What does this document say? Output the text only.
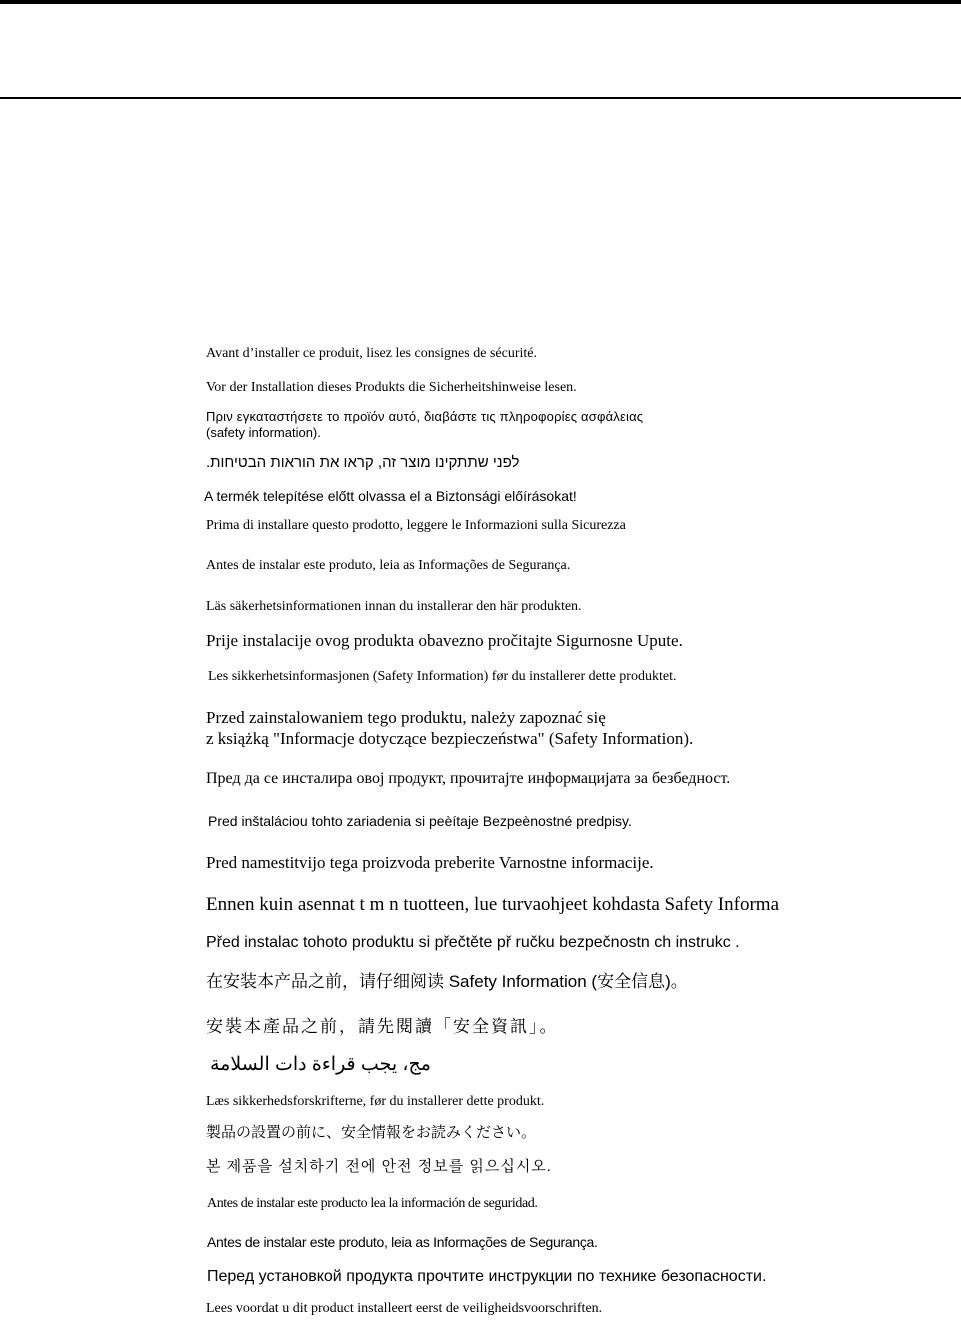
Avant d’installer ce produit, lisez les consignes de sécurité.
Vor der Installation dieses Produkts die Sicherheitshinweise lesen.
Πριν εγκαταστήσετε το προϊόν αυτό, διαβάστε τις πληροφορίες ασφάλειας
(safety information).
.לפני שתתקינו מוצר זה, קראו את הוראות הבטיחות
A termék telepítése előtt olvassa el a Biztonsági előírásokat!
Prima di installare questo prodotto, leggere le Informazioni sulla Sicurezza
Antes de instalar este produto, leia as Informações de Segurança.
Läs säkerhetsinformationen innan du installerar den här produkten.
Prije instalacije ovog produkta obavezno pročitajte Sigurnosne Upute.
Les sikkerhetsinformasjonen (Safety Information) før du installerer dette produktet.
Przed zainstalowaniem tego produktu, należy zapoznać się
z książką "Informacje dotyczące bezpieczeństwa" (Safety Information).
Пред да се инсталира овој продукт, прочитајте информацијата за безбедност.
Pred inštaláciou tohto zariadenia si peèítaje Bezpeènostné predpisy.
Pred namestitvijo tega proizvoda preberite Varnostne informacije.
Ennen kuin asennat t m n tuotteen, lue turvaohjeet kohdasta Safety Informa
Před instalac tohoto produktu si přečtěte př ručku bezpečnostn ch instrukc .
在安装本产品之前，请仔细阅读 Safety Information (安全信息)。
安裝本產品之前，請先閱讀「安全資訊」。
مج، يجب قراءة دات السلامة
Læs sikkerhedsforskrifterne, før du installerer dette produkt.
製品の設置の前に、安全情報をお読みください。
본 제품을 설치하기 전에 안전 정보를 읽으십시오.
Antes de instalar este producto lea la información de seguridad.
Antes de instalar este produto, leia as Informações de Segurança.
Перед установкой продукта прочтите инструкции по технике безопасности.
Lees voordat u dit product installeert eerst de veiligheidsvoorschriften.
